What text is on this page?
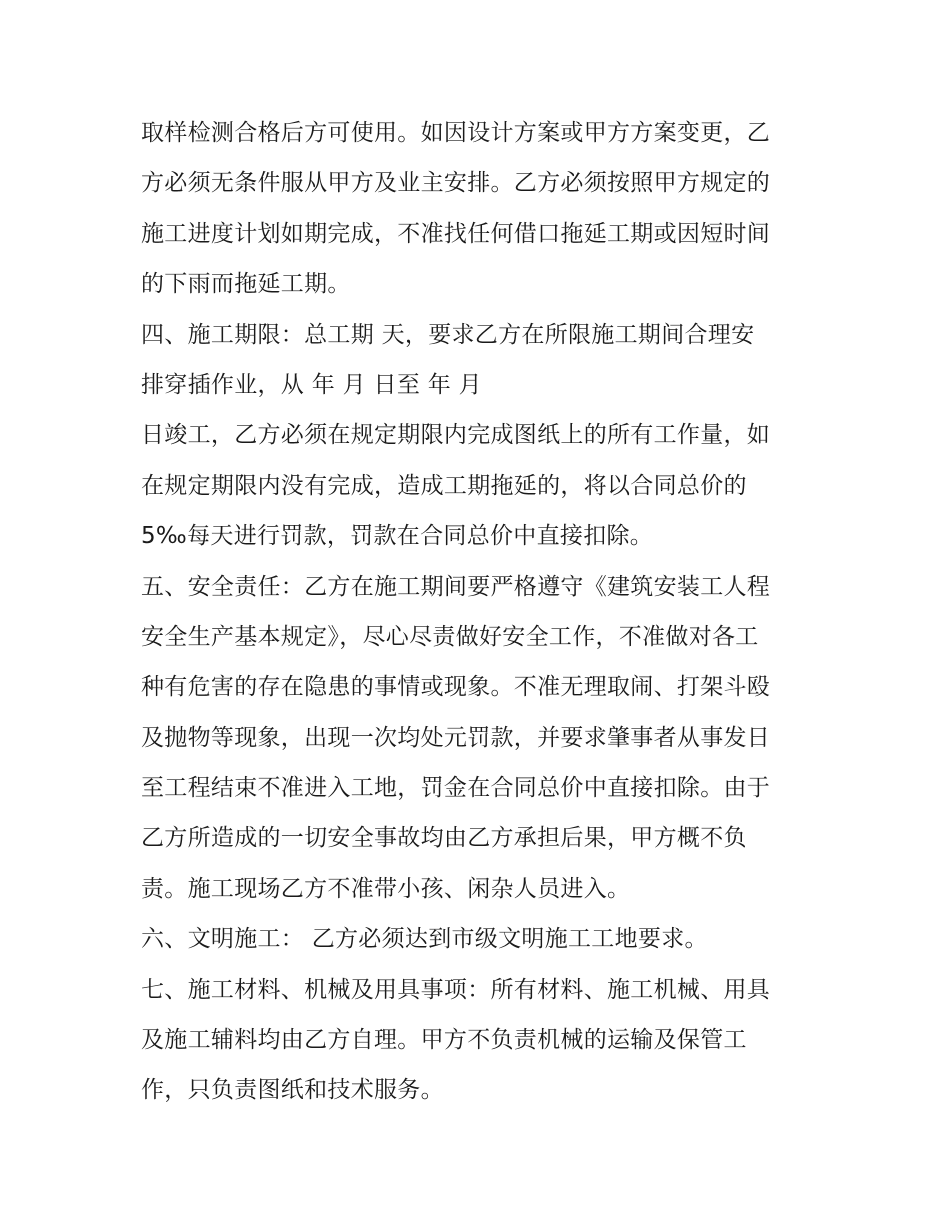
取样检测合格后方可使用。如因设计方案或甲方方案变更，乙
方必须无条件服从甲方及业主安排。乙方必须按照甲方规定的
施工进度计划如期完成，不准找任何借口拖延工期或因短时间
的下雨而拖延工期。
四、施工期限：总工期 天，要求乙方在所限施工期间合理安
排穿插作业，从 年 月 日至 年 月
日竣工，乙方必须在规定期限内完成图纸上的所有工作量，如
在规定期限内没有完成，造成工期拖延的，将以合同总价的
5‰每天进行罚款，罚款在合同总价中直接扣除。
五、安全责任：乙方在施工期间要严格遵守《建筑安装工人程
安全生产基本规定》，尽心尽责做好安全工作，不准做对各工
种有危害的存在隐患的事情或现象。不准无理取闹、打架斗殴
及抛物等现象，出现一次均处元罚款，并要求肇事者从事发日
至工程结束不准进入工地，罚金在合同总价中直接扣除。由于
乙方所造成的一切安全事故均由乙方承担后果，甲方概不负
责。施工现场乙方不准带小孩、闲杂人员进入。
六、文明施工： 乙方必须达到市级文明施工工地要求。
七、施工材料、机械及用具事项：所有材料、施工机械、用具
及施工辅料均由乙方自理。甲方不负责机械的运输及保管工
作，只负责图纸和技术服务。
